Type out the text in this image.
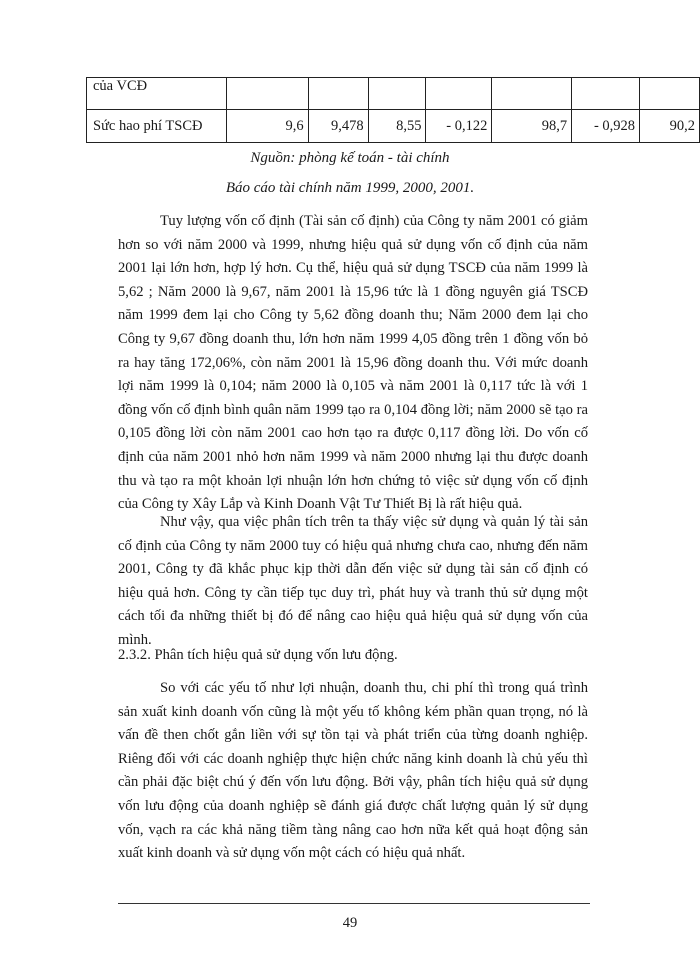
của VCĐ							
Sức hao phí TSCĐ	9,6	9,478	8,55	- 0,122	98,7	- 0,928	90,2
Nguồn: phòng kế toán - tài chính
Báo cáo tài chính năm 1999, 2000, 2001.

Tuy lượng vốn cố định (Tài sản cố định) của Công ty năm 2001 có giảm hơn so với năm 2000 và 1999, nhưng hiệu quả sử dụng vốn cố định của năm 2001 lại lớn hơn, hợp lý hơn. Cụ thể, hiệu quả sử dụng TSCĐ của năm 1999 là 5,62 ; Năm 2000 là 9,67, năm 2001 là 15,96 tức là 1 đồng nguyên giá TSCĐ năm 1999 đem lại cho Công ty 5,62 đồng doanh thu; Năm 2000 đem lại cho Công ty 9,67 đồng doanh thu, lớn hơn năm 1999 4,05 đồng trên 1 đồng vốn bỏ ra hay tăng 172,06%, còn năm 2001 là 15,96 đồng doanh thu. Với mức doanh lợi năm 1999 là 0,104; năm 2000 là 0,105 và năm 2001 là 0,117 tức là với 1 đồng vốn cố định bình quân năm 1999 tạo ra 0,104 đồng lời; năm 2000 sẽ tạo ra 0,105 đồng lời còn năm 2001 cao hơn tạo ra được 0,117 đồng lời. Do vốn cố định của năm 2001 nhỏ hơn năm 1999 và năm 2000 nhưng lại thu được doanh thu và tạo ra một khoản lợi nhuận lớn hơn chứng tỏ việc sử dụng vốn cố định của Công ty Xây Lắp và Kinh Doanh Vật Tư Thiết Bị là rất hiệu quả.

Như vậy, qua việc phân tích trên ta thấy việc sử dụng và quản lý tài sản cố định của Công ty năm 2000 tuy có hiệu quả nhưng chưa cao, nhưng đến năm 2001, Công ty đã khắc phục kịp thời dẫn đến việc sử dụng tài sản cố định có hiệu quả hơn. Công ty cần tiếp tục duy trì, phát huy và tranh thủ sử dụng một cách tối đa những thiết bị đó để nâng cao hiệu quả hiệu quả sử dụng vốn của mình.

2.3.2. Phân tích hiệu quả sử dụng vốn lưu động.

So với các yếu tố như lợi nhuận, doanh thu, chi phí thì trong quá trình sản xuất kinh doanh vốn cũng là một yếu tố không kém phần quan trọng, nó là vấn đề then chốt gắn liền với sự tồn tại và phát triển của từng doanh nghiệp. Riêng đối với các doanh nghiệp thực hiện chức năng kinh doanh là chủ yếu thì cần phải đặc biệt chú ý đến vốn lưu động. Bởi vậy, phân tích hiệu quả sử dụng vốn lưu động của doanh nghiệp sẽ đánh giá được chất lượng quản lý sử dụng vốn, vạch ra các khả năng tiềm tàng nâng cao hơn nữa kết quả hoạt động sản xuất kinh doanh và sử dụng vốn một cách có hiệu quả nhất.

49
